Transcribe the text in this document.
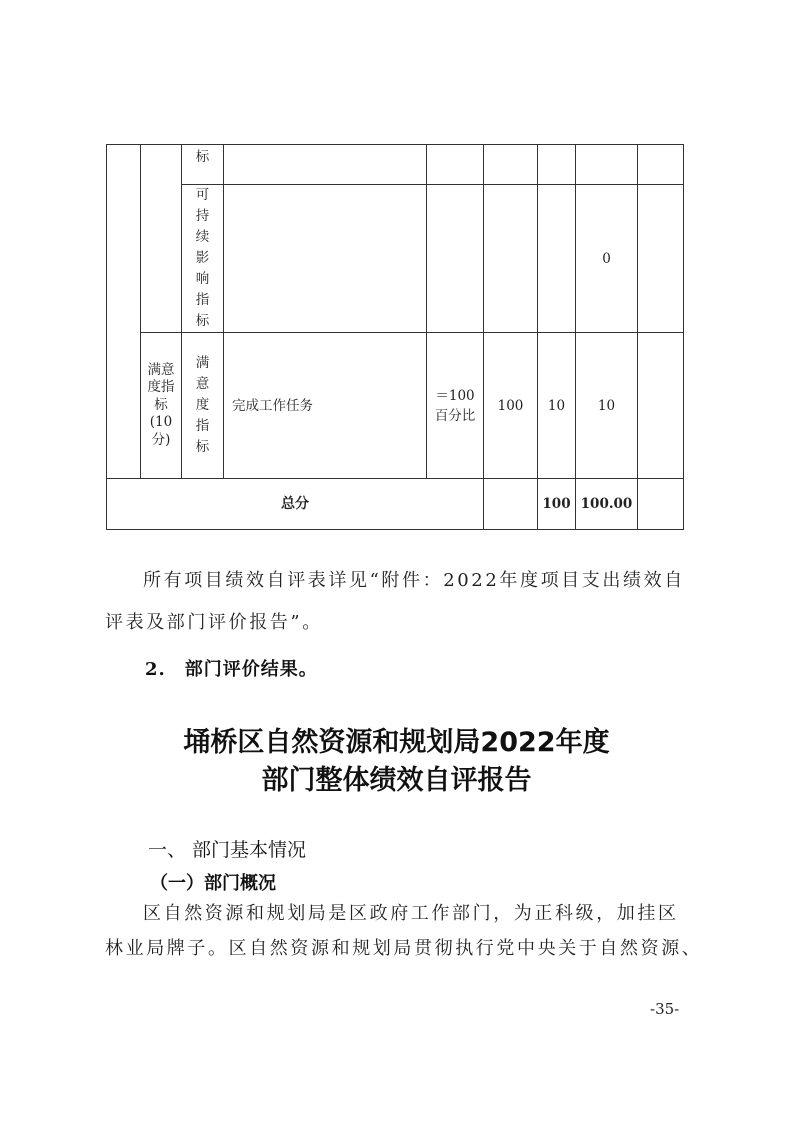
		标						
		可持续影响指标					0	
	满意度指标(10分)	满意度指标	完成工作任务	＝100百分比	100	10	10	
总分						100	100.00	
所有项目绩效自评表详见“附件：2022年度项目支出绩效自
评表及部门评价报告”。
2.　部门评价结果。
埇桥区自然资源和规划局2022年度
部门整体绩效自评报告
一、 部门基本情况
（一）部门概况
区自然资源和规划局是区政府工作部门，为正科级，加挂区
林业局牌子。区自然资源和规划局贯彻执行党中央关于自然资源、
-35-
